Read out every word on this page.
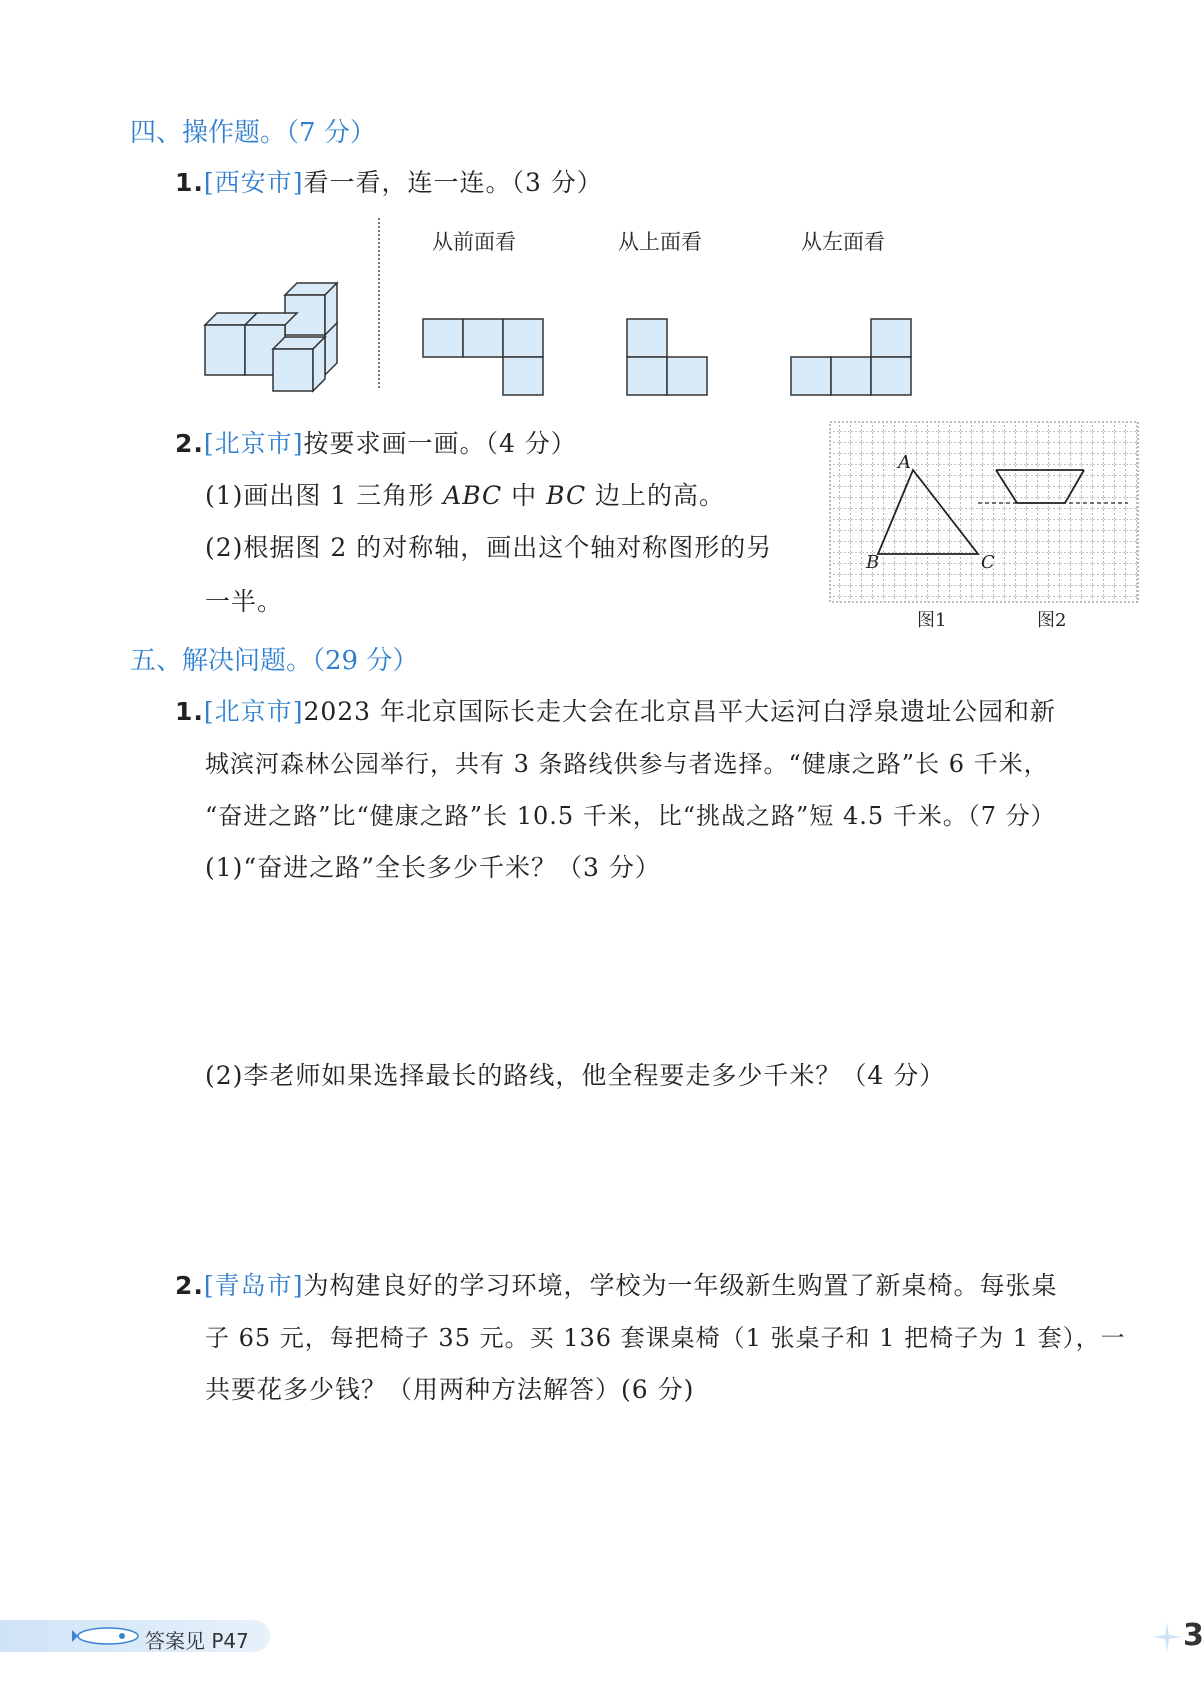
四、操作题。（7 分）
1.[西安市]看一看，连一连。（3 分）
从前面看	从上面看	从左面看
2.[北京市]按要求画一画。（4 分）
(1)画出图 1 三角形 ABC 中 BC 边上的高。
(2)根据图 2 的对称轴，画出这个轴对称图形的另
一半。
A
B	C
图1	图2
五、解决问题。（29 分）
1.[北京市]2023 年北京国际长走大会在北京昌平大运河白浮泉遗址公园和新
城滨河森林公园举行，共有 3 条路线供参与者选择。“健康之路”长 6 千米，
“奋进之路”比“健康之路”长 10.5 千米，比“挑战之路”短 4.5 千米。（7 分）
(1)“奋进之路”全长多少千米？（3 分）
(2)李老师如果选择最长的路线，他全程要走多少千米？（4 分）
2.[青岛市]为构建良好的学习环境，学校为一年级新生购置了新桌椅。每张桌
子 65 元，每把椅子 35 元。买 136 套课桌椅（1 张桌子和 1 把椅子为 1 套），一
共要花多少钱？（用两种方法解答）(6 分)
答案见 P47	3
